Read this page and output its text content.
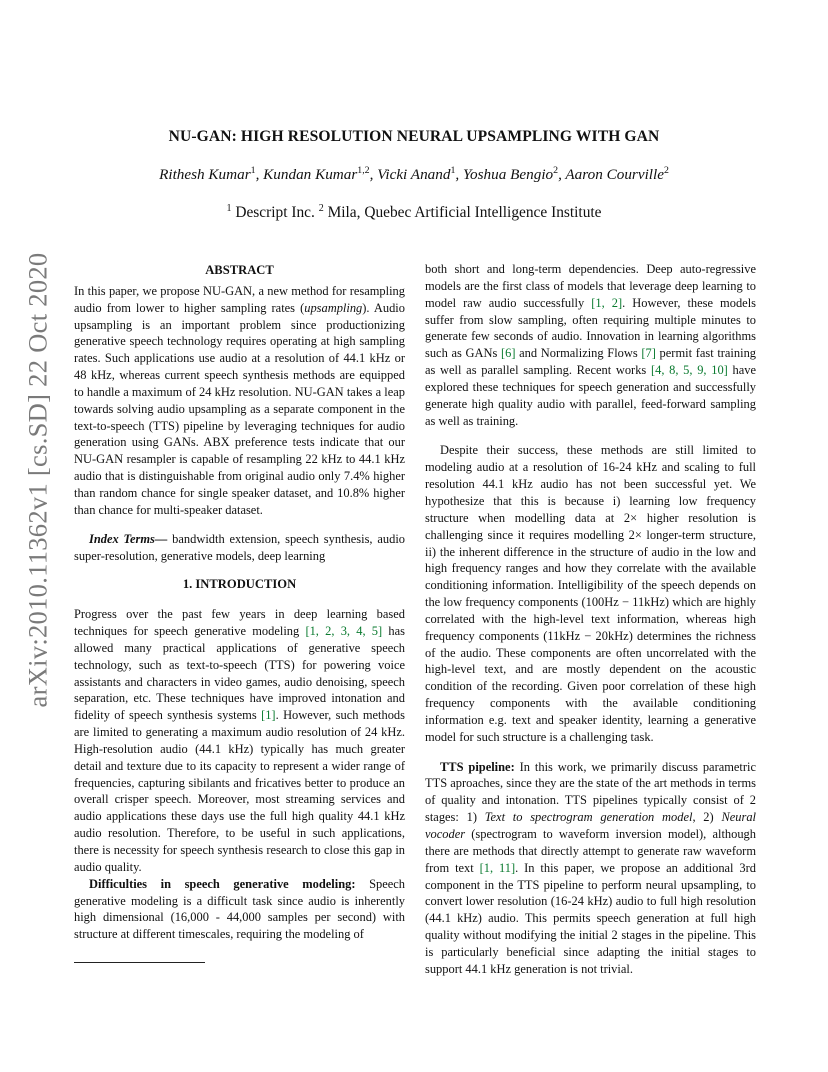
arXiv:2010.11362v1 [cs.SD] 22 Oct 2020
NU-GAN: HIGH RESOLUTION NEURAL UPSAMPLING WITH GAN
Rithesh Kumar$^1$, Kundan Kumar$^{1,2}$, Vicki Anand$^1$, Yoshua Bengio$^2$, Aaron Courville$^2$
$^1$ Descript Inc. $^2$ Mila, Quebec Artificial Intelligence Institute
ABSTRACT

In this paper, we propose NU-GAN, a new method for resampling audio from lower to higher sampling rates (upsampling). Audio upsampling is an important problem since productionizing generative speech technology requires operating at high sampling rates. Such applications use audio at a resolution of 44.1 kHz or 48 kHz, whereas current speech synthesis methods are equipped to handle a maximum of 24 kHz resolution. NU-GAN takes a leap towards solving audio upsampling as a separate component in the text-to-speech (TTS) pipeline by leveraging techniques for audio generation using GANs. ABX preference tests indicate that our NU-GAN resampler is capable of resampling 22 kHz to 44.1 kHz audio that is distinguishable from original audio only 7.4% higher than random chance for single speaker dataset, and 10.8% higher than chance for multi-speaker dataset.

Index Terms— bandwidth extension, speech synthesis, audio super-resolution, generative models, deep learning

1. INTRODUCTION

Progress over the past few years in deep learning based techniques for speech generative modeling [1, 2, 3, 4, 5] has allowed many practical applications of generative speech technology, such as text-to-speech (TTS) for powering voice assistants and characters in video games, audio denoising, speech separation, etc. These techniques have improved intonation and fidelity of speech synthesis systems [1]. However, such methods are limited to generating a maximum audio resolution of 24 kHz. High-resolution audio (44.1 kHz) typically has much greater detail and texture due to its capacity to represent a wider range of frequencies, capturing sibilants and fricatives better to produce an overall crisper speech. Moreover, most streaming services and audio applications these days use the full high quality 44.1 kHz audio resolution. Therefore, to be useful in such applications, there is necessity for speech synthesis research to close this gap in audio quality.

Difficulties in speech generative modeling: Speech generative modeling is a difficult task since audio is inherently high dimensional (16,000 - 44,000 samples per second) with structure at different timescales, requiring the modeling of

both short and long-term dependencies. Deep auto-regressive models are the first class of models that leverage deep learning to model raw audio successfully [1, 2]. However, these models suffer from slow sampling, often requiring multiple minutes to generate few seconds of audio. Innovation in learning algorithms such as GANs [6] and Normalizing Flows [7] permit fast training as well as parallel sampling. Recent works [4, 8, 5, 9, 10] have explored these techniques for speech generation and successfully generate high quality audio with parallel, feed-forward sampling as well as training.

Despite their success, these methods are still limited to modeling audio at a resolution of 16-24 kHz and scaling to full resolution 44.1 kHz audio has not been successful yet. We hypothesize that this is because i) learning low frequency structure when modelling data at 2× higher resolution is challenging since it requires modelling 2× longer-term structure, ii) the inherent difference in the structure of audio in the low and high frequency ranges and how they correlate with the available conditioning information. Intelligibility of the speech depends on the low frequency components (100Hz − 11kHz) which are highly correlated with the high-level text information, whereas high frequency components (11kHz − 20kHz) determines the richness of the audio. These components are often uncorrelated with the high-level text, and are mostly dependent on the acoustic condition of the recording. Given poor correlation of these high frequency components with the available conditioning information e.g. text and speaker identity, learning a generative model for such structure is a challenging task.

TTS pipeline: In this work, we primarily discuss parametric TTS aproaches, since they are the state of the art methods in terms of quality and intonation. TTS pipelines typically consist of 2 stages: 1) Text to spectrogram generation model, 2) Neural vocoder (spectrogram to waveform inversion model), although there are methods that directly attempt to generate raw waveform from text [1, 11]. In this paper, we propose an additional 3rd component in the TTS pipeline to perform neural upsampling, to convert lower resolution (16-24 kHz) audio to full high resolution (44.1 kHz) audio. This permits speech generation at full high quality without modifying the initial 2 stages in the pipeline. This is particularly beneficial since adapting the initial stages to support 44.1 kHz generation is not trivial.
